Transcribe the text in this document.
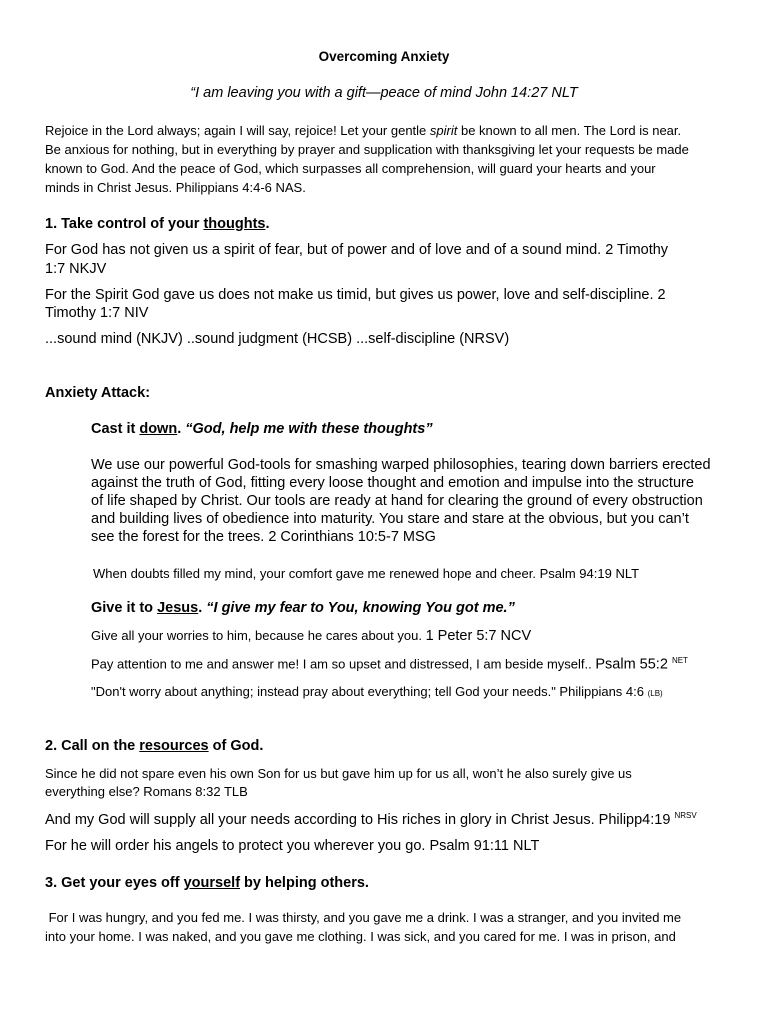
Overcoming Anxiety
“I am leaving you with a gift—peace of mind John 14:27 NLT
Rejoice in the Lord always; again I will say, rejoice! Let your gentle spirit be known to all men. The Lord is near.
Be anxious for nothing, but in everything by prayer and supplication with thanksgiving let your requests be made
known to God. And the peace of God, which surpasses all comprehension, will guard your hearts and your
minds in Christ Jesus. Philippians 4:4-6 NAS.
1. Take control of your thoughts.
For God has not given us a spirit of fear, but of power and of love and of a sound mind. 2 Timothy
1:7 NKJV
For the Spirit God gave us does not make us timid, but gives us power, love and self-discipline. 2
Timothy 1:7 NIV
...sound mind (NKJV) ..sound judgment (HCSB) ...self-discipline (NRSV)
Anxiety Attack:
Cast it down. “God, help me with these thoughts”
We use our powerful God-tools for smashing warped philosophies, tearing down barriers erected
against the truth of God, fitting every loose thought and emotion and impulse into the structure
of life shaped by Christ. Our tools are ready at hand for clearing the ground of every obstruction
and building lives of obedience into maturity. You stare and stare at the obvious, but you can’t
see the forest for the trees. 2 Corinthians 10:5-7 MSG
When doubts filled my mind, your comfort gave me renewed hope and cheer. Psalm 94:19 NLT
Give it to Jesus. “I give my fear to You, knowing You got me.”
Give all your worries to him, because he cares about you. 1 Peter 5:7 NCV
Pay attention to me and answer me! I am so upset and distressed, I am beside myself.. Psalm 55:2 $^{NET}$
"Don't worry about anything; instead pray about everything; tell God your needs." Philippians 4:6 (LB)
2. Call on the resources of God.
Since he did not spare even his own Son for us but gave him up for us all, won’t he also surely give us
everything else? Romans 8:32 TLB
And my God will supply all your needs according to His riches in glory in Christ Jesus. Philipp4:19 $^{NRSV}$
For he will order his angels to protect you wherever you go. Psalm 91:11 NLT
3. Get your eyes off yourself by helping others.
For I was hungry, and you fed me. I was thirsty, and you gave me a drink. I was a stranger, and you invited me
into your home. I was naked, and you gave me clothing. I was sick, and you cared for me. I was in prison, and
